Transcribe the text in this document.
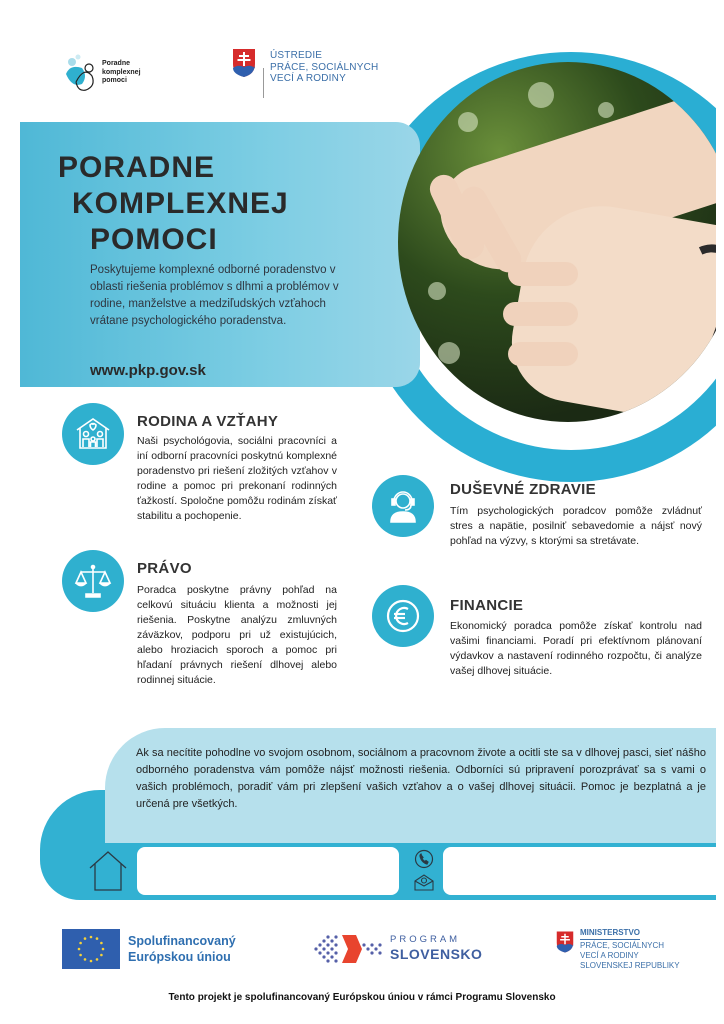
Poradne
komplexnej
pomoci
ÚSTREDIE
PRÁCE, SOCIÁLNYCH
VECÍ A RODINY
PORADNE
KOMPLEXNEJ
POMOCI
Poskytujeme komplexné odborné poradenstvo v oblasti riešenia problémov s dlhmi a problémov v rodine, manželstve a medziľudských vzťahoch vrátane psychologického poradenstva.
www.pkp.gov.sk
RODINA A VZŤAHY
Naši psychológovia, sociálni pracovníci a iní odborní pracovníci poskytnú komplexné poradenstvo pri riešení zložitých vzťahov v rodine a pomoc pri prekonaní rodinných ťažkostí. Spoločne pomôžu rodinám získať stabilitu a pochopenie.
PRÁVO
Poradca poskytne právny pohľad na celkovú situáciu klienta a možnosti jej riešenia. Poskytne analýzu zmluvných záväzkov, podporu pri už existujúcich, alebo hroziacich sporoch a pomoc pri hľadaní právnych riešení dlhovej alebo rodinnej situácie.
DUŠEVNÉ ZDRAVIE
Tím psychologických poradcov pomôže zvládnuť stres a napätie, posilniť sebavedomie a nájsť nový pohľad na výzvy, s ktorými sa stretávate.
FINANCIE
Ekonomický poradca pomôže získať kontrolu nad vašimi financiami. Poradí pri efektívnom plánovaní výdavkov a nastavení rodinného rozpočtu, či analýze vašej dlhovej situácie.
Ak sa necítite pohodlne vo svojom osobnom, sociálnom a pracovnom živote a ocitli ste sa v dlhovej pasci, sieť nášho odborného poradenstva vám pomôže nájsť možnosti riešenia. Odborníci sú pripravení porozprávať sa s vami o vašich problémoch, poradiť vám pri zlepšení vašich vzťahov a o vašej dlhovej situácii. Pomoc je bezplatná a je určená pre všetkých.
Spolufinancovaný
Európskou úniou
PROGRAM
SLOVENSKO
MINISTERSTVO
PRÁCE, SOCIÁLNYCH
VECÍ A RODINY
SLOVENSKEJ REPUBLIKY
Tento projekt je spolufinancovaný Európskou úniou v rámci Programu Slovensko
